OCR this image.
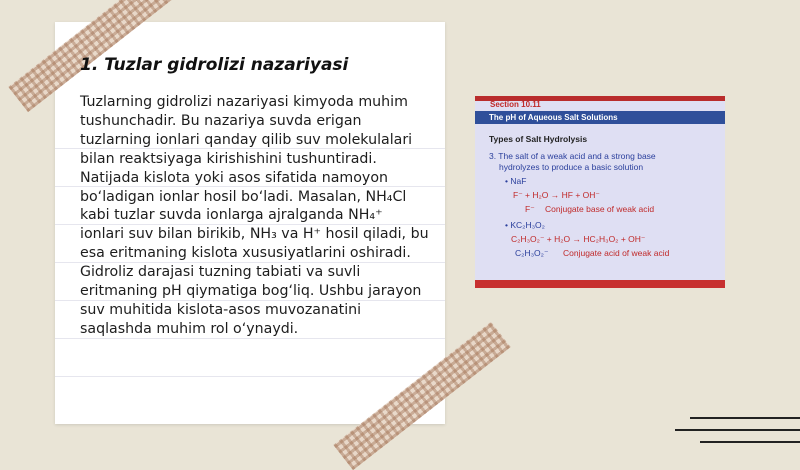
1. Tuzlar gidrolizi nazariyasi

Tuzlarning gidrolizi nazariyasi kimyoda muhim tushunchadir. Bu nazariya suvda erigan tuzlarning ionlari qanday qilib suv molekulalari bilan reaktsiyaga kirishishini tushuntiradi. Natijada kislota yoki asos sifatida namoyon bo‘ladigan ionlar hosil bo‘ladi. Masalan, NH₄Cl kabi tuzlar suvda ionlarga ajralganda NH₄⁺ ionlari suv bilan birikib, NH₃ va H⁺ hosil qiladi, bu esa eritmaning kislota xususiyatlarini oshiradi. Gidroliz darajasi tuzning tabiati va suvli eritmaning pH qiymatiga bog‘liq. Ushbu jarayon suv muhitida kislota-asos muvozanatini saqlashda muhim rol o‘ynaydi.

Section 10.11
The pH of Aqueous Salt Solutions
Types of Salt Hydrolysis
3. The salt of a weak acid and a strong base
hydrolyzes to produce a basic solution
• NaF
F⁻ + H₂O → HF + OH⁻
F⁻ Conjugate base of weak acid
• KC₂H₃O₂
C₂H₃O₂⁻ + H₂O → HC₂H₃O₂ + OH⁻
C₂H₃O₂⁻ Conjugate acid of weak acid
